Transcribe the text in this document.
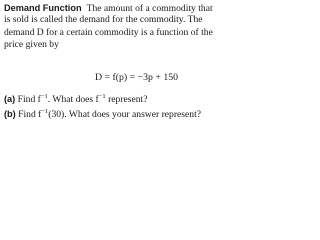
Demand Function The amount of a commodity that
is sold is called the demand for the commodity. The
demand D for a certain commodity is a function of the
price given by
D = f(p) = −3p + 150
(a) Find $f^{-1}$. What does $f^{-1}$ represent?
(b) Find $f^{-1}(30)$. What does your answer represent?
